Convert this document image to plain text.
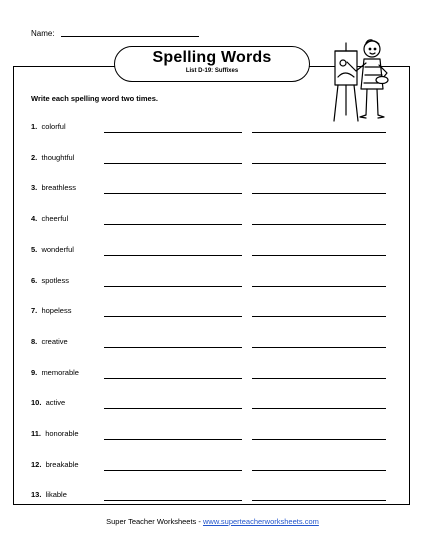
Name:
Spelling Words
List D-19: Suffixes
Write each spelling word two times.
1. colorful
2. thoughtful
3. breathless
4. cheerful
5. wonderful
6. spotless
7. hopeless
8. creative
9. memorable
10. active
11. honorable
12. breakable
13. likable
Super Teacher Worksheets - www.superteacherworksheets.com
